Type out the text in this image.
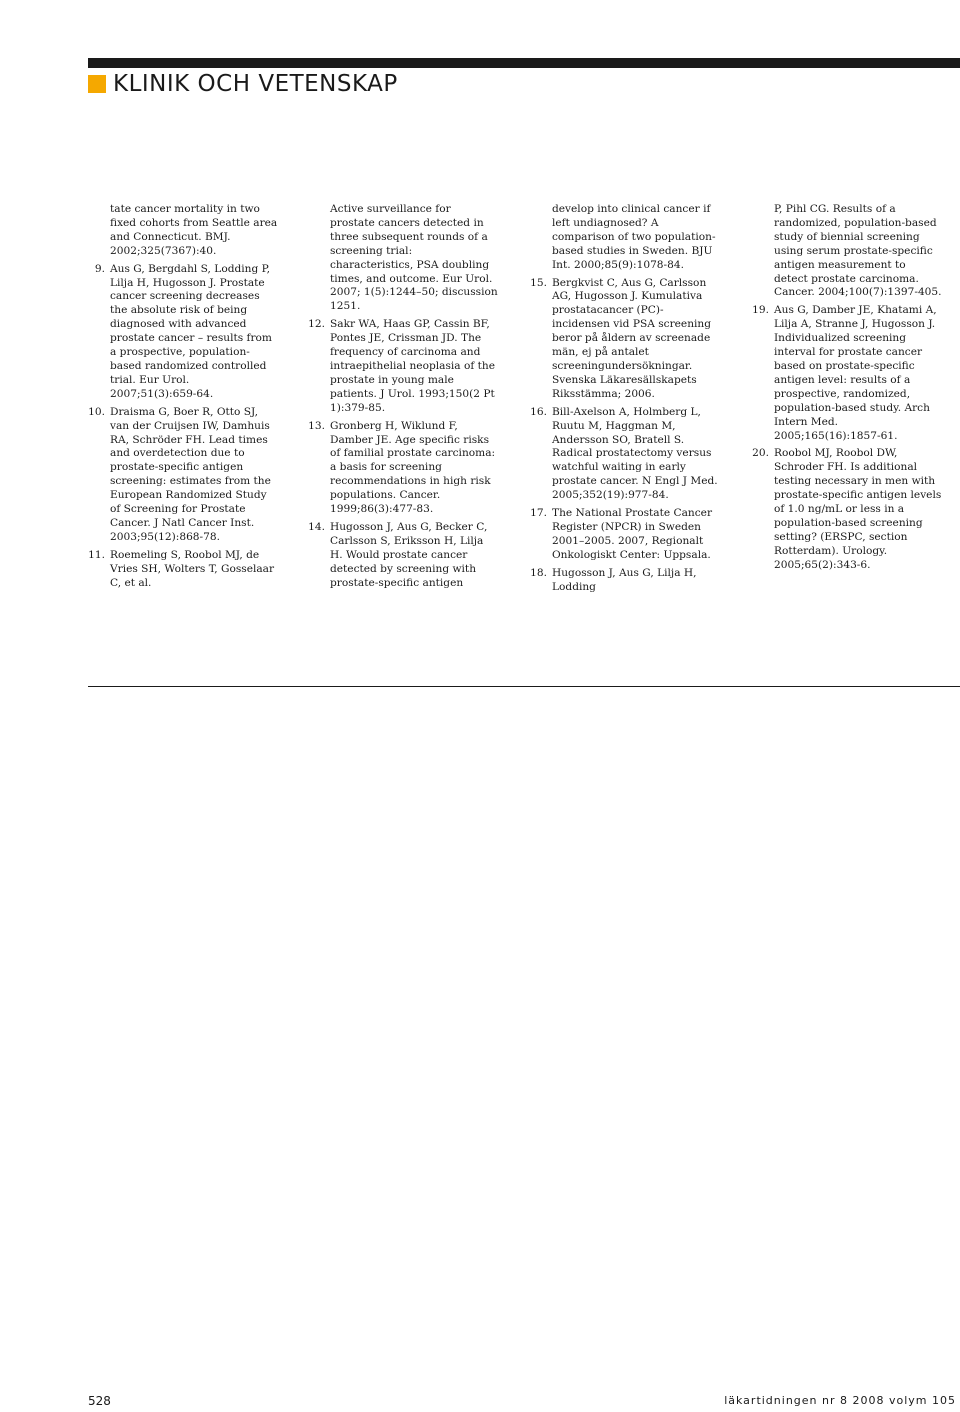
KLINIK OCH VETENSKAP
tate cancer mortality in two fixed cohorts from Seattle area and Connecticut. BMJ. 2002;325(7367):40.
9. Aus G, Bergdahl S, Lodding P, Lilja H, Hugosson J. Prostate cancer screening decreases the absolute risk of being diagnosed with advanced prostate cancer – results from a prospective, population-based randomized controlled trial. Eur Urol. 2007;51(3):659-64.
10. Draisma G, Boer R, Otto SJ, van der Cruijsen IW, Damhuis RA, Schröder FH. Lead times and overdetection due to prostate-specific antigen screening: estimates from the European Randomized Study of Screening for Prostate Cancer. J Natl Cancer Inst. 2003;95(12):868-78.
11. Roemeling S, Roobol MJ, de Vries SH, Wolters T, Gosselaar C, et al.
Active surveillance for prostate cancers detected in three subsequent rounds of a screening trial: characteristics, PSA doubling times, and outcome. Eur Urol. 2007; 1(5):1244–50; discussion 1251.
12. Sakr WA, Haas GP, Cassin BF, Pontes JE, Crissman JD. The frequency of carcinoma and intraepithelial neoplasia of the prostate in young male patients. J Urol. 1993;150(2 Pt 1):379-85.
13. Gronberg H, Wiklund F, Damber JE. Age specific risks of familial prostate carcinoma: a basis for screening recommendations in high risk populations. Cancer. 1999;86(3):477-83.
14. Hugosson J, Aus G, Becker C, Carlsson S, Eriksson H, Lilja H. Would prostate cancer detected by screening with prostate-specific antigen
develop into clinical cancer if left undiagnosed? A comparison of two population-based studies in Sweden. BJU Int. 2000;85(9):1078-84.
15. Bergkvist C, Aus G, Carlsson AG, Hugosson J. Kumulativa prostatacancer (PC)-incidensen vid PSA screening beror på åldern av screenade män, ej på antalet screeningundersökningar. Svenska Läkaresällskapets Riksstämma; 2006.
16. Bill-Axelson A, Holmberg L, Ruutu M, Haggman M, Andersson SO, Bratell S. Radical prostatectomy versus watchful waiting in early prostate cancer. N Engl J Med. 2005;352(19):977-84.
17. The National Prostate Cancer Register (NPCR) in Sweden 2001–2005. 2007, Regionalt Onkologiskt Center: Uppsala.
18. Hugosson J, Aus G, Lilja H, Lodding
P, Pihl CG. Results of a randomized, population-based study of biennial screening using serum prostate-specific antigen measurement to detect prostate carcinoma. Cancer. 2004;100(7):1397-405.
19. Aus G, Damber JE, Khatami A, Lilja A, Stranne J, Hugosson J. Individualized screening interval for prostate cancer based on prostate-specific antigen level: results of a prospective, randomized, population-based study. Arch Intern Med. 2005;165(16):1857-61.
20. Roobol MJ, Roobol DW, Schroder FH. Is additional testing necessary in men with prostate-specific antigen levels of 1.0 ng/mL or less in a population-based screening setting? (ERSPC, section Rotterdam). Urology. 2005;65(2):343-6.
528	läkartidningen nr 8 2008 volym 105
